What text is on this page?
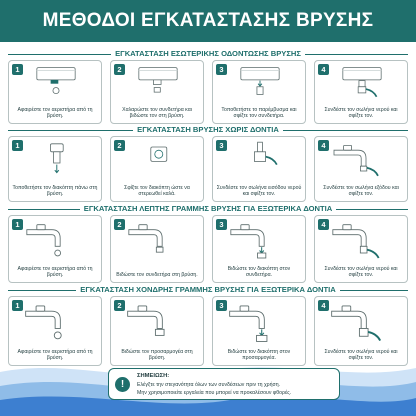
ΜΕΘΟΔΟΙ ΕΓΚΑΤΑΣΤΑΣΗΣ ΒΡΥΣΗΣ
ΕΓΚΑΤΑΣΤΑΣΗ ΕΣΩΤΕΡΙΚΗΣ ΟΔΟΝΤΩΣΗΣ ΒΡΥΣΗΣ
1
Αφαιρέστε τον αεριστήρα από τη βρύση.
2
Χαλαρώστε τον συνδετήρα και βιδώστε τον στη βρύση.
3
Τοποθετήστε το παρέμβυσμα και σφίξτε τον συνδετήρα.
4
Συνδέστε τον σωλήνα νερού και σφίξτε τον.
ΕΓΚΑΤΑΣΤΑΣΗ ΒΡΥΣΗΣ ΧΩΡΙΣ ΔΟΝΤΙΑ
1
Τοποθετήστε τον διακόπτη πάνω στη βρύση.
2
Σφίξτε τον διακόπτη ώστε να στερεωθεί καλά.
3
Συνδέστε τον σωλήνα εισόδου νερού και σφίξτε τον.
4
Συνδέστε τον σωλήνα εξόδου και σφίξτε τον.
ΕΓΚΑΤΑΣΤΑΣΗ ΛΕΠΤΗΣ ΓΡΑΜΜΗΣ ΒΡΥΣΗΣ ΓΙΑ ΕΞΩΤΕΡΙΚΑ ΔΟΝΤΙΑ
1
Αφαιρέστε τον αεριστήρα από τη βρύση.
2
Βιδώστε τον συνδετήρα στη βρύση.
3
Βιδώστε τον διακόπτη στον συνδετήρα.
4
Συνδέστε τον σωλήνα νερού και σφίξτε τον.
ΕΓΚΑΤΑΣΤΑΣΗ ΧΟΝΔΡΗΣ ΓΡΑΜΜΗΣ ΒΡΥΣΗΣ ΓΙΑ ΕΞΩΤΕΡΙΚΑ ΔΟΝΤΙΑ
1
Αφαιρέστε τον αεριστήρα από τη βρύση.
2
Βιδώστε τον προσαρμογέα στη βρύση.
3
Βιδώστε τον διακόπτη στον προσαρμογέα.
4
Συνδέστε τον σωλήνα νερού και σφίξτε τον.
!
ΣΗΜΕΙΩΣΗ:
Ελέγξτε την στεγανότητα όλων των συνδέσεων πριν τη χρήση.
Μην χρησιμοποιείτε εργαλεία που μπορεί να προκαλέσουν φθορές.
